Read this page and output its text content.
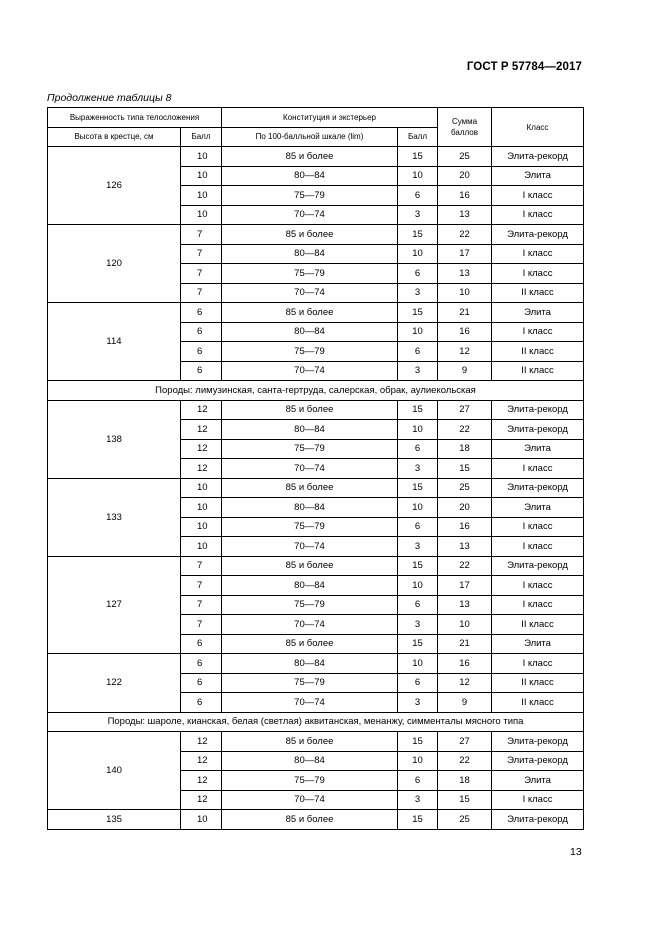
ГОСТ Р 57784—2017
Продолжение таблицы 8
Выраженность типа телосложения		Конституция и экстерьер		Сумма баллов	Класс
Высота в крестце, см	Балл	По 100-балльной шкале (lim)	Балл		
126	10	85 и более	15	25	Элита-рекорд
	10	80—84	10	20	Элита
	10	75—79	6	16	I класс
	10	70—74	3	13	I класс
120	7	85 и более	15	22	Элита-рекорд
	7	80—84	10	17	I класс
	7	75—79	6	13	I класс
	7	70—74	3	10	II класс
114	6	85 и более	15	21	Элита
	6	80—84	10	16	I класс
	6	75—79	6	12	II класс
	6	70—74	3	9	II класс
Породы: лимузинская, санта-гертруда, салерская, обрак, аулиекольская					
138	12	85 и более	15	27	Элита-рекорд
	12	80—84	10	22	Элита-рекорд
	12	75—79	6	18	Элита
	12	70—74	3	15	I класс
133	10	85 и более	15	25	Элита-рекорд
	10	80—84	10	20	Элита
	10	75—79	6	16	I класс
	10	70—74	3	13	I класс
127	7	85 и более	15	22	Элита-рекорд
	7	80—84	10	17	I класс
	7	75—79	6	13	I класс
	7	70—74	3	10	II класс
	6	85 и более	15	21	Элита
122	6	80—84	10	16	I класс
	6	75—79	6	12	II класс
	6	70—74	3	9	II класс
Породы: шароле, кианская, белая (светлая) аквитанская, менанжу, симменталы мясного типа					
140	12	85 и более	15	27	Элита-рекорд
	12	80—84	10	22	Элита-рекорд
	12	75—79	6	18	Элита
	12	70—74	3	15	I класс
135	10	85 и более	15	25	Элита-рекорд
13
